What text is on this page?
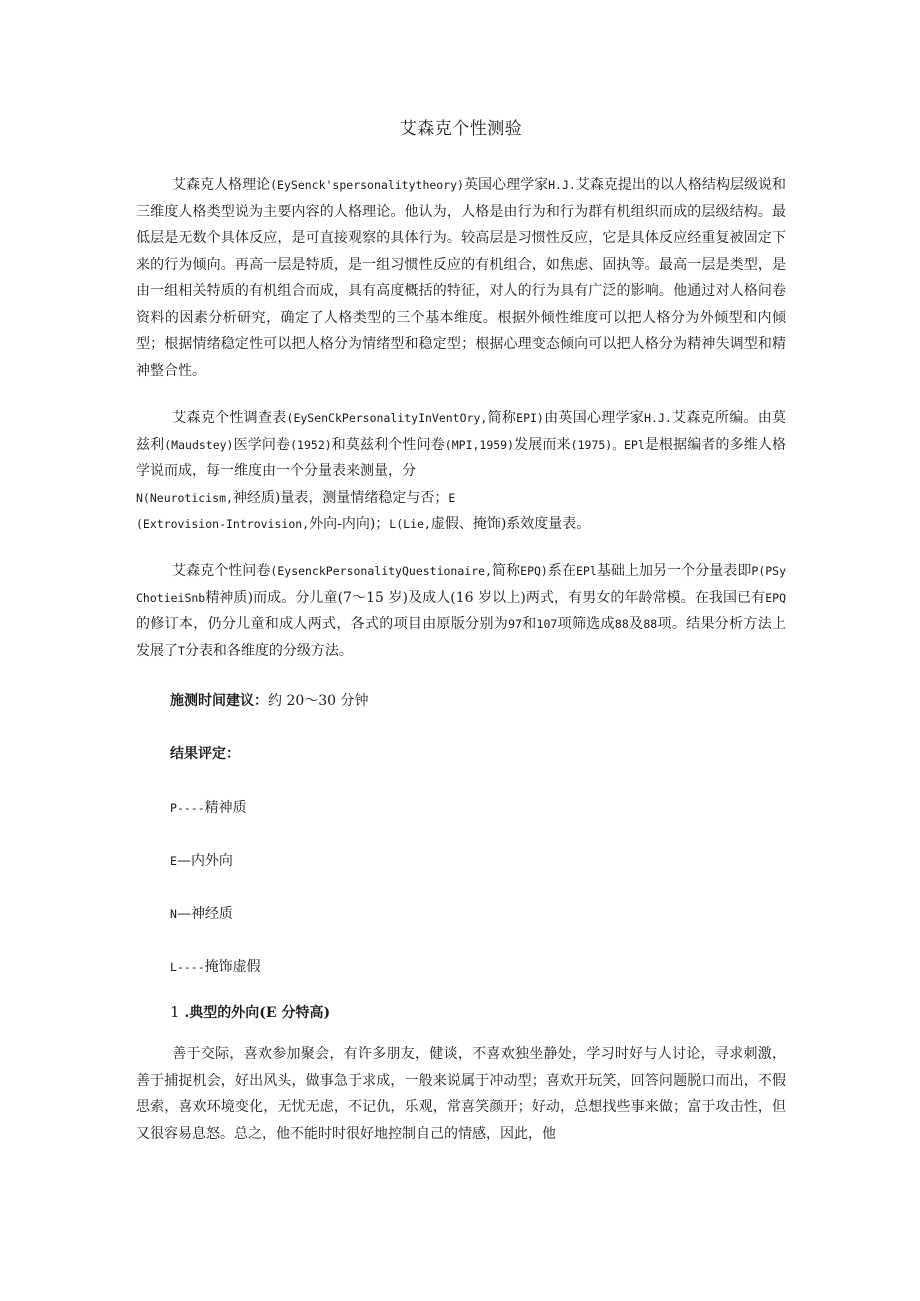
艾森克个性测验

艾森克人格理论(EySenck'spersonalitytheory)英国心理学家H.J.艾森克提出的以人格结构层级说和三维度人格类型说为主要内容的人格理论。他认为，人格是由行为和行为群有机组织而成的层级结构。最低层是无数个具体反应，是可直接观察的具体行为。较高层是习惯性反应，它是具体反应经重复被固定下来的行为倾向。再高一层是特质，是一组习惯性反应的有机组合，如焦虑、固执等。最高一层是类型，是由一组相关特质的有机组合而成，具有高度概括的特征，对人的行为具有广泛的影响。他通过对人格问卷资料的因素分析研究，确定了人格类型的三个基本维度。根据外倾性维度可以把人格分为外倾型和内倾型；根据情绪稳定性可以把人格分为情绪型和稳定型；根据心理变态倾向可以把人格分为精神失调型和精神整合性。

艾森克个性调查表(EySenCkPersonalityInVentOry,简称EPI)由英国心理学家H.J.艾森克所编。由莫兹利(Maudstey)医学问卷(1952)和莫兹利个性问卷(MPI,1959)发展而来(1975)。EPl是根据编者的多维人格学说而成，每一维度由一个分量表来测量，分
N(Neuroticism,神经质)量表，测量情绪稳定与否；E
(Extrovision-Introvision,外向-内向)；L(Lie,虚假、掩饰)系效度量表。

艾森克个性问卷(EysenckPersonalityQuestionaire,简称EPQ)系在EPl基础上加另一个分量表即P(PSyChotieiSnb精神质)而成。分儿童(7～15 岁)及成人(16 岁以上)两式，有男女的年龄常模。在我国已有EPQ的修订本，仍分儿童和成人两式，各式的项目由原版分别为97和107项筛选成88及88项。结果分析方法上发展了T分表和各维度的分级方法。

施测时间建议：约 20～30 分钟
结果评定：
P----精神质
E—内外向
N—神经质
L----掩饰虚假
1 .典型的外向(E 分特高)

善于交际，喜欢参加聚会，有许多朋友，健谈，不喜欢独坐静处，学习时好与人讨论，寻求刺激，善于捕捉机会，好出风头，做事急于求成，一般来说属于冲动型；喜欢开玩笑，回答问题脱口而出，不假思索，喜欢环境变化，无忧无虑，不记仇，乐观，常喜笑颜开；好动，总想找些事来做；富于攻击性，但又很容易息怒。总之，他不能时时很好地控制自己的情感，因此，他
